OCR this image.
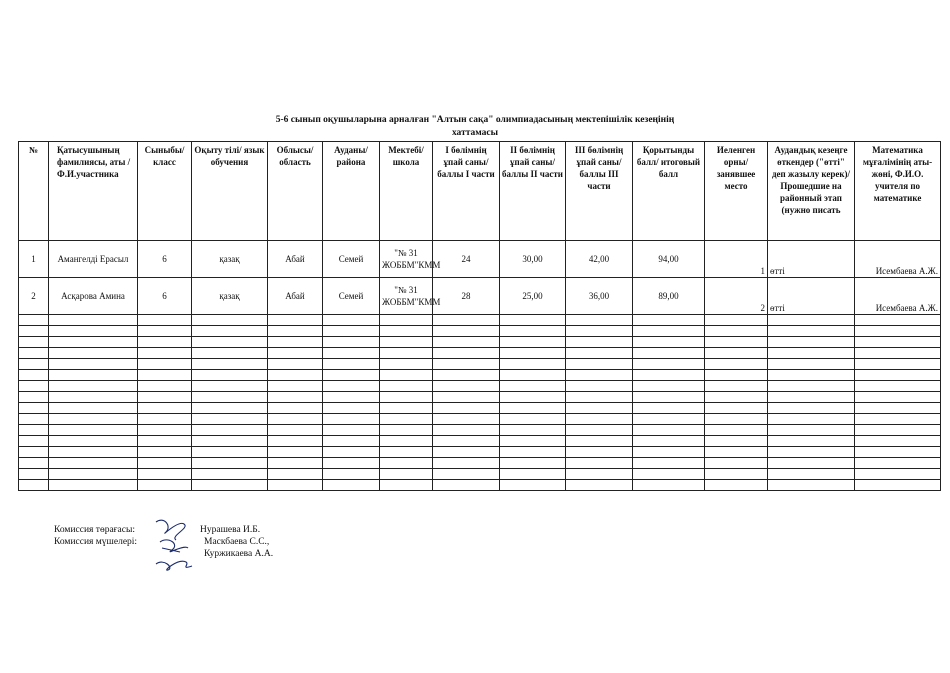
5-6 сынып оқушыларына арналған "Алтын сақа" олимпиадасының мектепішілік кезеңінің
хаттамасы
№	Қатысушының фамилиясы, аты /Ф.И.участника	Сыныбы/класс	Оқыту тілі/ язык обучения	Облысы/ область	Ауданы/ района	Мектебі/ школа	І бөлімнің ұпай саны/ баллы І части	ІІ бөлімнің ұпай саны/ баллы ІІ части	ІІІ бөлімнің ұпай саны/ баллы ІІІ части	Қорытынды балл/ итоговый балл	Иеленген орны/ занявшее место	Аудандық кезеңге өткендер ("өтті" деп жазылу керек)/ Прошедшие на районный этап (нужно писать	Математика мұғалімінің аты-жөні, Ф.И.О. учителя по математике

1	Амангелді Ерасыл	6	қазақ	Абай	Семей	"№ 31 ЖОББМ"КММ	24	30,00	42,00	94,00	1	өтті	Исембаева А.Ж.
2	Асқарова Амина	6	қазақ	Абай	Семей	"№ 31 ЖОББМ"КММ	28	25,00	36,00	89,00	2	өтті	Исембаева А.Ж.

Комиссия төрағасы:
Комиссия мүшелері:
Нурашева И.Б.
Маскбаева С.С.,
Куржикаева А.А.
